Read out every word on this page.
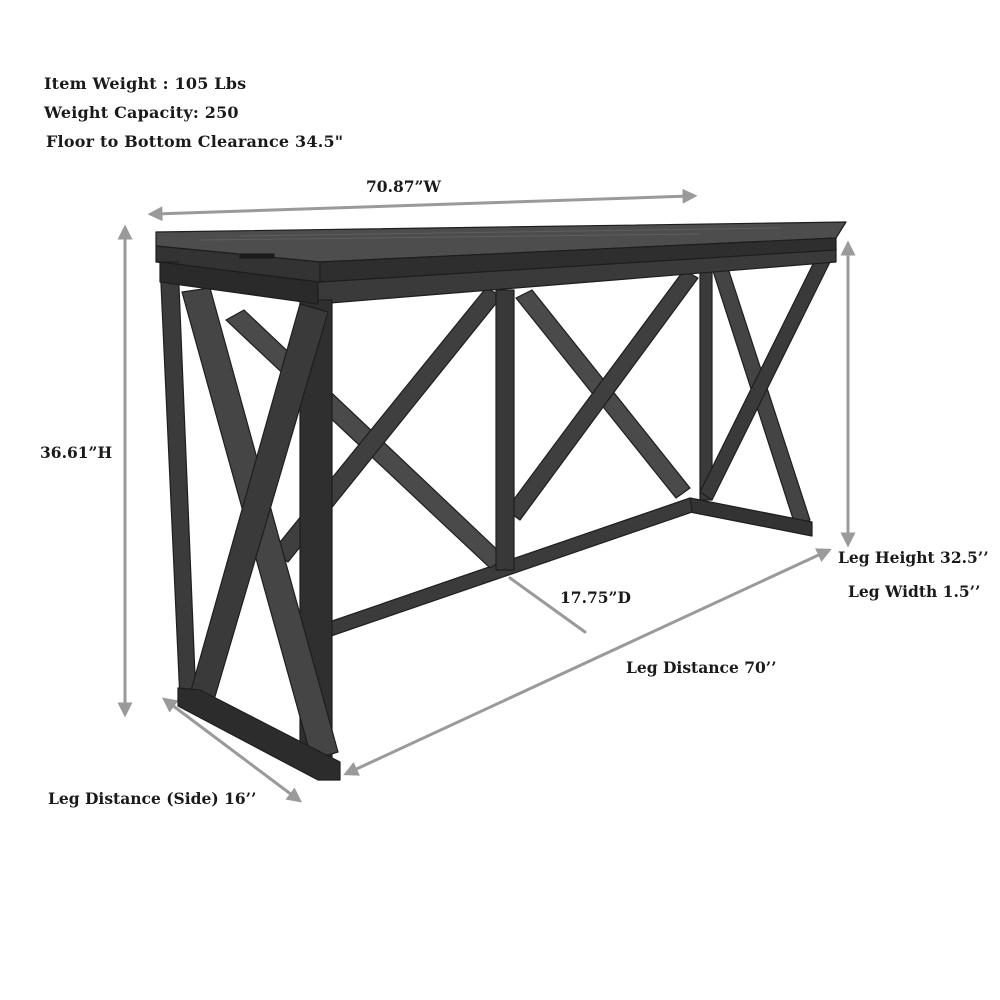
70.87”W
36.61”H
17.75”D
Leg Height 32.5’’
Leg Width 1.5’’
Leg Distance 70’’
Leg Distance (Side) 16’’
Item Weight : 105 Lbs
Weight Capacity: 250
Floor to Bottom Clearance 34.5"
